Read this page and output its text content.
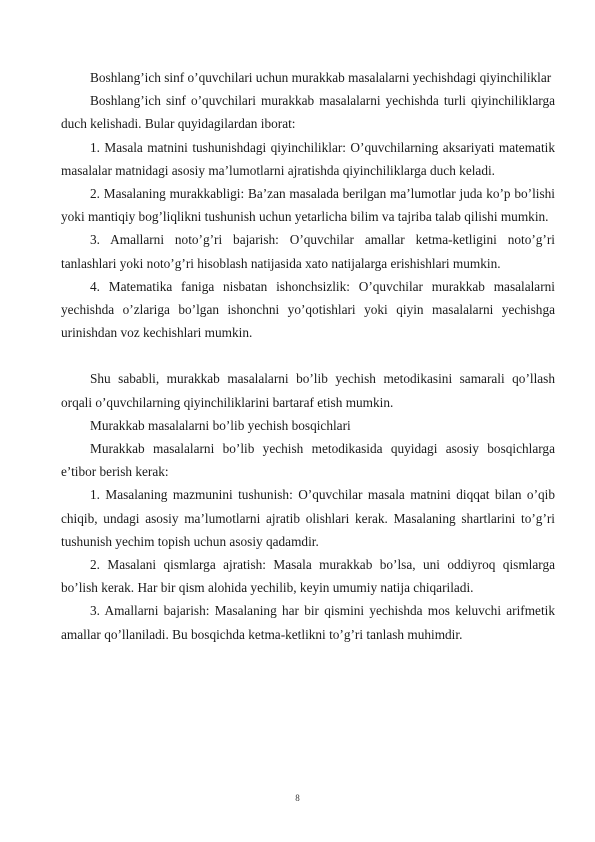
Boshlang’ich sinf o’quvchilari uchun murakkab masalalarni yechishdagi qiyinchiliklar

Boshlang’ich sinf o’quvchilari murakkab masalalarni yechishda turli qiyinchiliklarga duch kelishadi. Bular quyidagilardan iborat:

1. Masala matnini tushunishdagi qiyinchiliklar: O’quvchilarning aksariyati matematik masalalar matnidagi asosiy ma’lumotlarni ajratishda qiyinchiliklarga duch keladi.

2. Masalaning murakkabligi: Ba’zan masalada berilgan ma’lumotlar juda ko’p bo’lishi yoki mantiqiy bog’liqlikni tushunish uchun yetarlicha bilim va tajriba talab qilishi mumkin.

3. Amallarni noto’g’ri bajarish: O’quvchilar amallar ketma-ketligini noto’g’ri tanlashlari yoki noto’g’ri hisoblash natijasida xato natijalarga erishishlari mumkin.

4. Matematika faniga nisbatan ishonchsizlik: O’quvchilar murakkab masalalarni yechishda o’zlariga bo’lgan ishonchni yo’qotishlari yoki qiyin masalalarni yechishga urinishdan voz kechishlari mumkin.

Shu sababli, murakkab masalalarni bo’lib yechish metodikasini samarali qo’llash orqali o’quvchilarning qiyinchiliklarini bartaraf etish mumkin.

Murakkab masalalarni bo’lib yechish bosqichlari

Murakkab masalalarni bo’lib yechish metodikasida quyidagi asosiy bosqichlarga e’tibor berish kerak:

1. Masalaning mazmunini tushunish: O’quvchilar masala matnini diqqat bilan o’qib chiqib, undagi asosiy ma’lumotlarni ajratib olishlari kerak. Masalaning shartlarini to’g’ri tushunish yechim topish uchun asosiy qadamdir.

2. Masalani qismlarga ajratish: Masala murakkab bo’lsa, uni oddiyroq qismlarga bo’lish kerak. Har bir qism alohida yechilib, keyin umumiy natija chiqariladi.

3. Amallarni bajarish: Masalaning har bir qismini yechishda mos keluvchi arifmetik amallar qo’llaniladi. Bu bosqichda ketma-ketlikni to’g’ri tanlash muhimdir.

8
